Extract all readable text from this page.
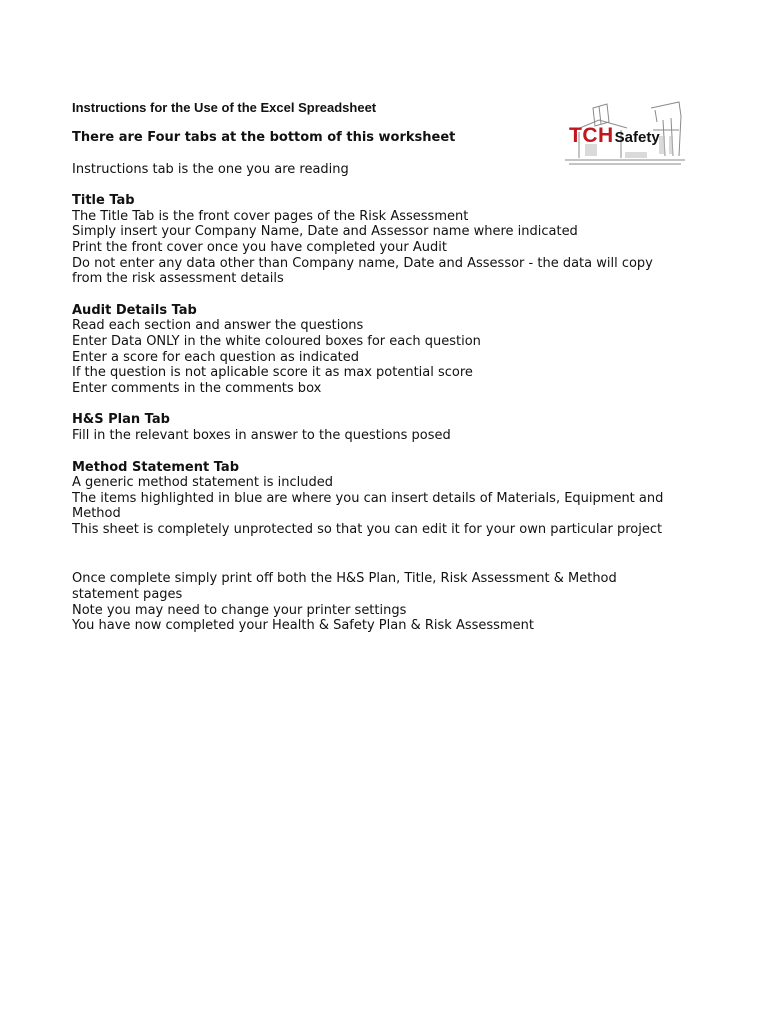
Instructions for the Use of the Excel Spreadsheet
TCHSafety
There are Four tabs at the bottom of this worksheet
Instructions tab is the one you are reading
Title Tab
The Title Tab is the front cover pages of the Risk Assessment
Simply insert your Company Name, Date and Assessor name where indicated
Print the front cover once you have completed your Audit
Do not enter any data other than Company name, Date and Assessor - the data will copy from the risk assessment details
Audit Details Tab
Read each section and answer the questions
Enter Data ONLY in the white coloured boxes for each question
Enter a score for each question as indicated
If the question is not aplicable score it as max potential score
Enter comments in the comments box
H&S Plan Tab
Fill in the relevant boxes in answer to the questions posed
Method Statement Tab
A generic method statement is included
The items highlighted in blue are where you can insert details of Materials, Equipment and Method
This sheet is completely unprotected so that you can edit it for your own particular project
Once complete simply print off both the H&S Plan, Title, Risk Assessment & Method statement pages
Note you may need to change your printer settings
You have now completed your Health & Safety Plan & Risk Assessment
